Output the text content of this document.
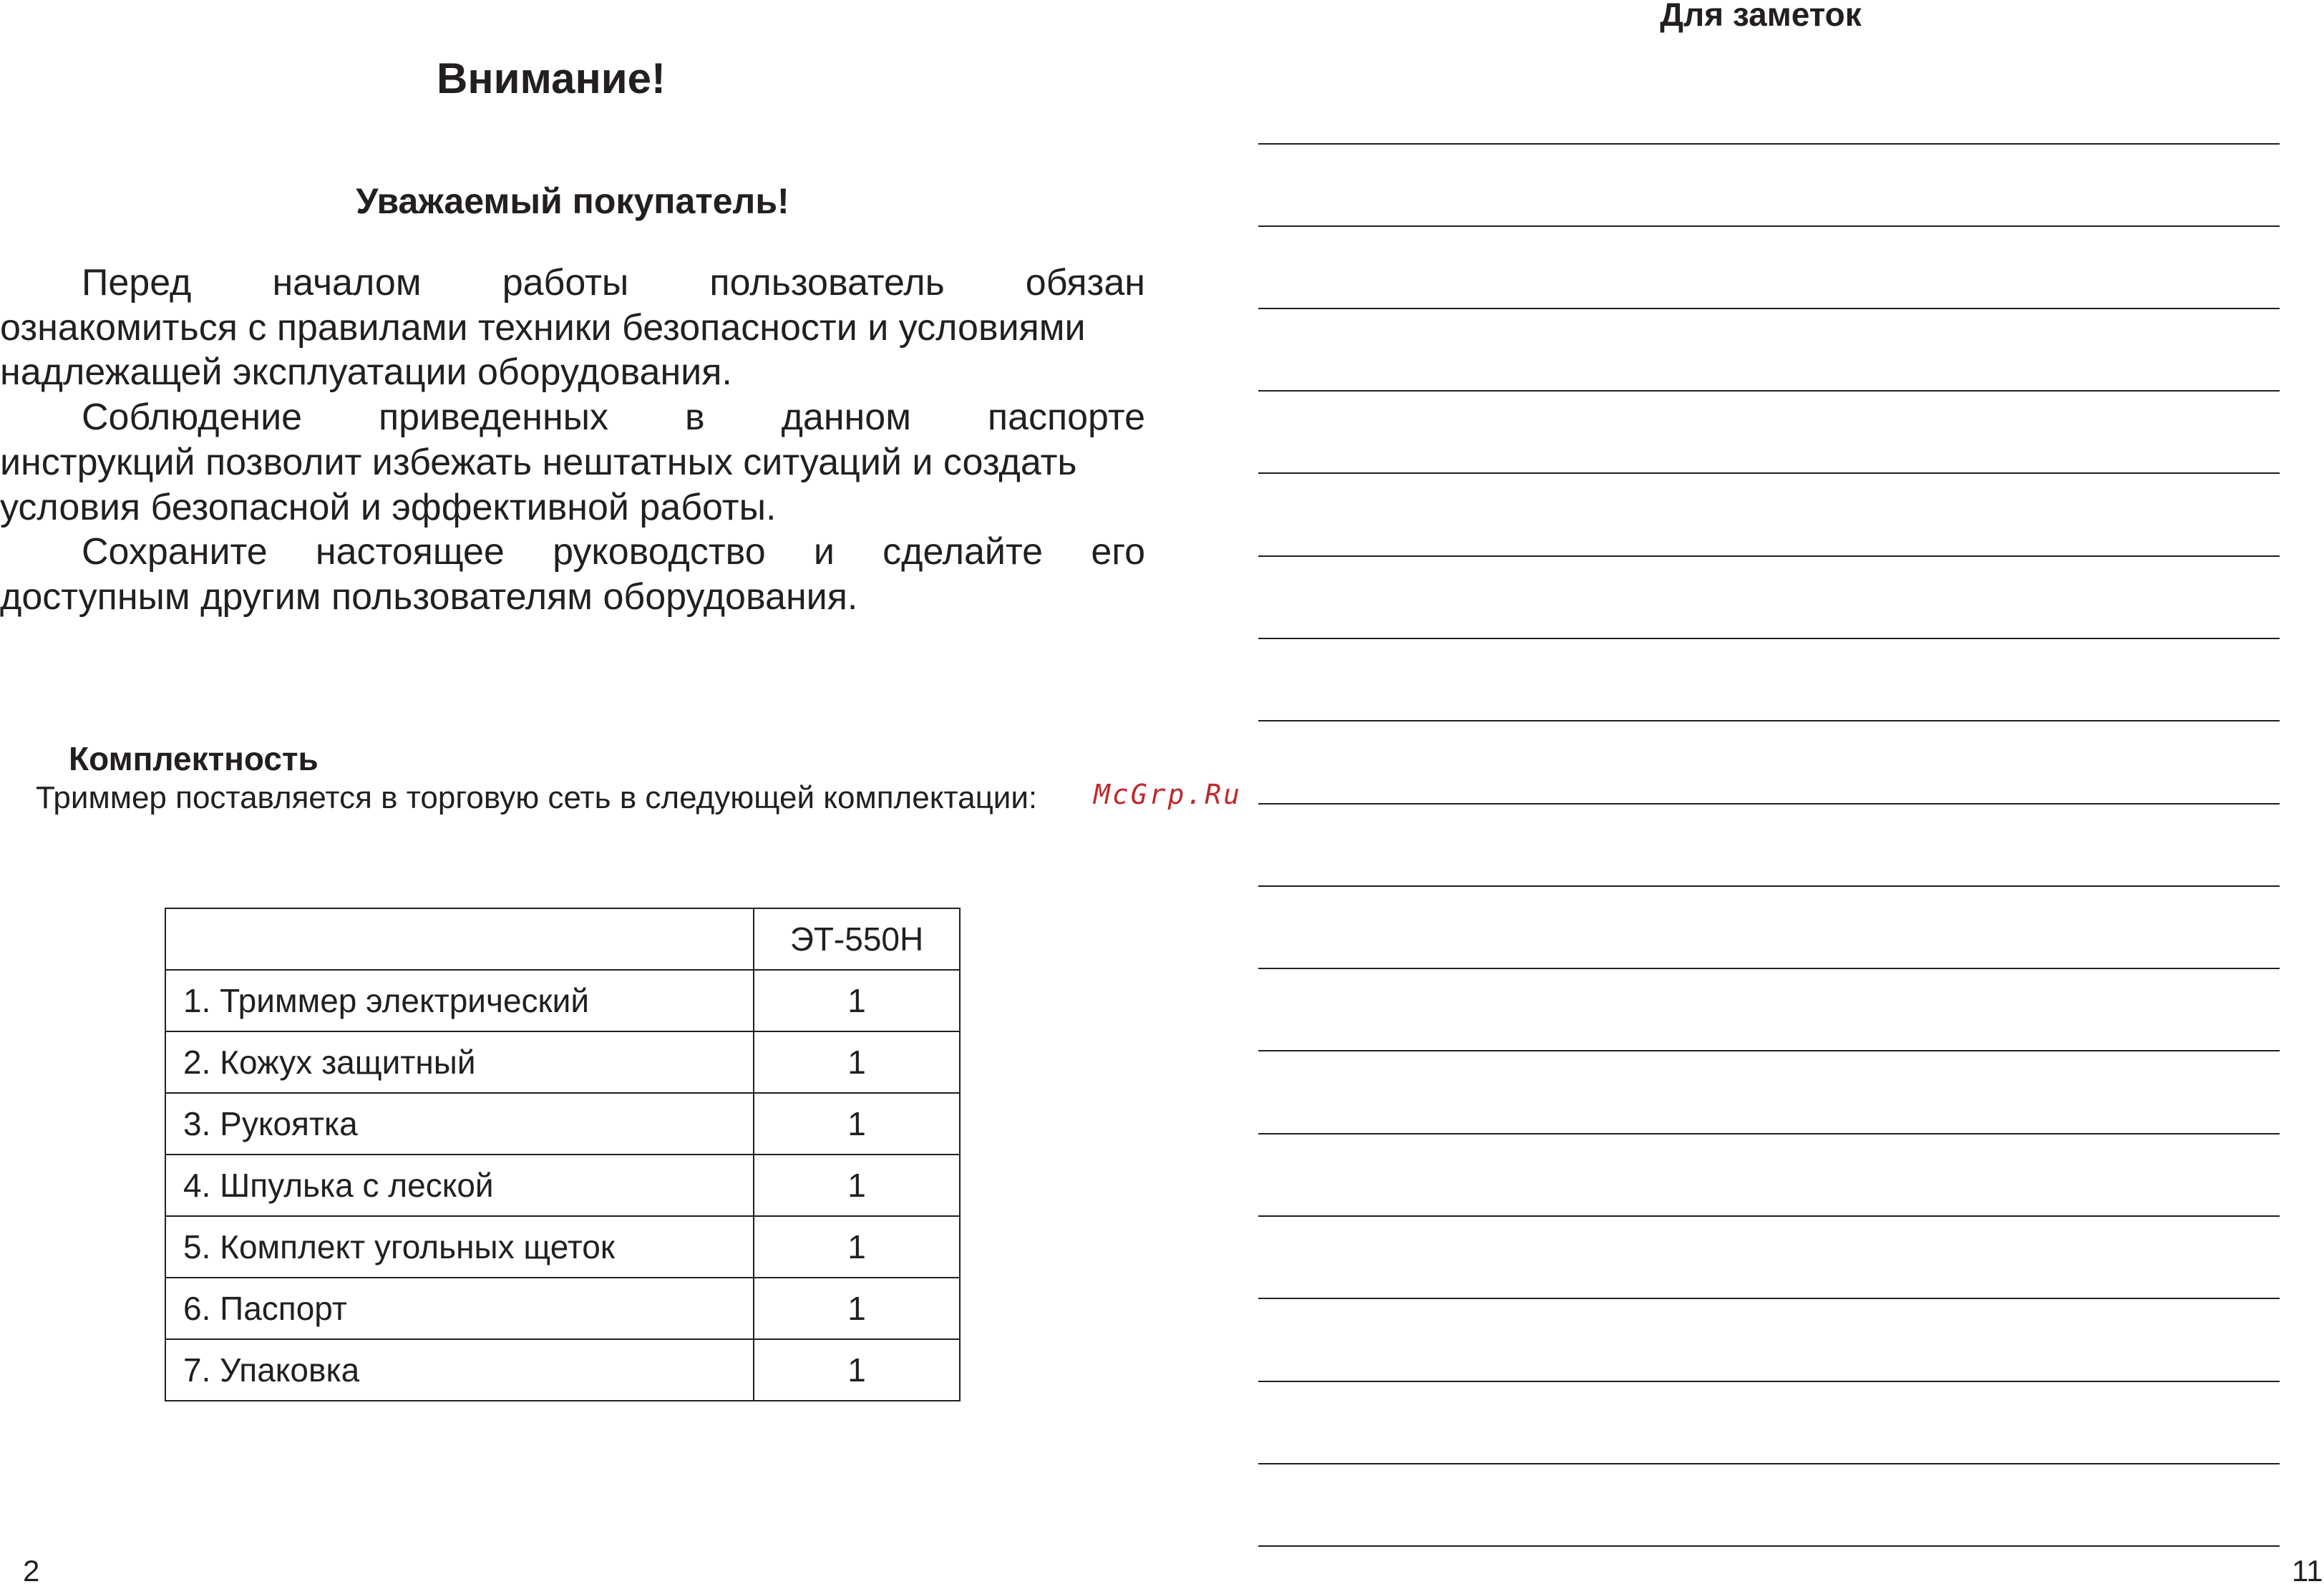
Внимание!
Уважаемый покупатель!

Перед началом работы пользователь обязан
ознакомиться с правилами техники безопасности и условиями надлежащей эксплуатации оборудования.

Соблюдение приведенных в данном паспорте
инструкций позволит избежать нештатных ситуаций и создать условия безопасной и эффективной работы.

Сохраните настоящее руководство и сделайте его
доступным другим пользователям оборудования.

Комплектность
Триммер поставляется в торговую сеть в следующей комплектации: McGrp.Ru
	ЭТ-550Н
1. Триммер электрический	1
2. Кожух защитный	1
3. Рукоятка	1
4. Шпулька с леской	1
5. Комплект угольных щеток	1
6. Паспорт	1
7. Упаковка	1
2
Для заметок
11
